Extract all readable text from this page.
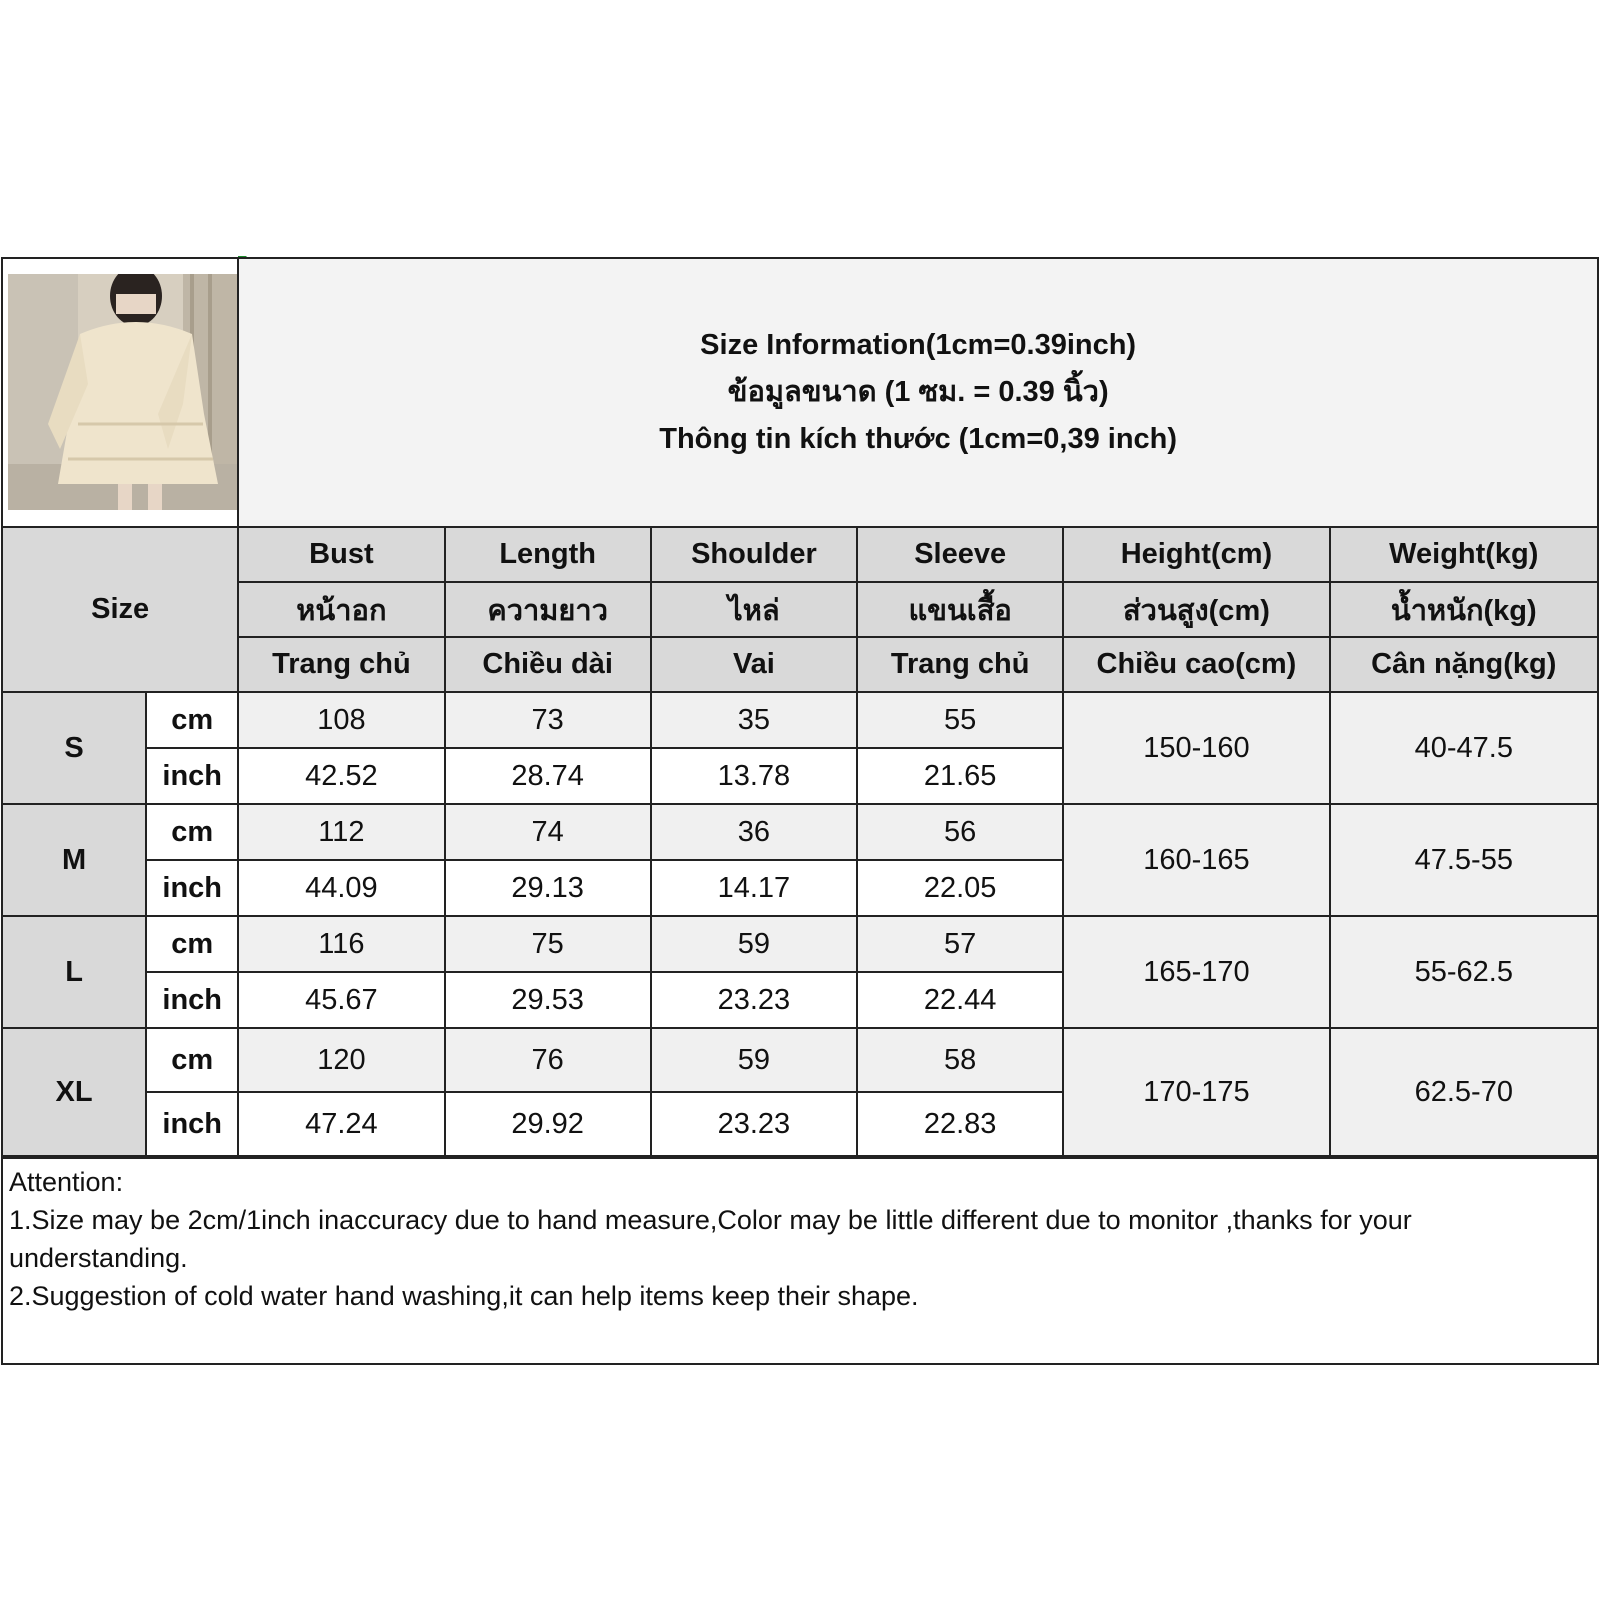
Size Information(1cm=0.39inch)
ข้อมูลขนาด (1 ซม. = 0.39 นิ้ว)
Thông tin kích thước (1cm=0,39 inch)					

Size		Bust	Length	Shoulder	Sleeve	Height(cm)	Weight(kg)
		หน้าอก	ความยาว	ไหล่	แขนเสื้อ	ส่วนสูง(cm)	น้ำหนัก(kg)
		Trang chủ	Chiều dài	Vai	Trang chủ	Chiều cao(cm)	Cân nặng(kg)
S	cm	108	73	35	55	150-160	40-47.5
	inch	42.52	28.74	13.78	21.65		
M	cm	112	74	36	56	160-165	47.5-55
	inch	44.09	29.13	14.17	22.05		
L	cm	116	75	59	57	165-170	55-62.5
	inch	45.67	29.53	23.23	22.44		
XL	cm	120	76	59	58	170-175	62.5-70
	inch	47.24	29.92	23.23	22.83		
Attention:
1.Size may be 2cm/1inch inaccuracy due to hand measure,Color may be little different due to monitor ,thanks for your understanding.
2.Suggestion of cold water hand washing,it can help items keep their shape.
